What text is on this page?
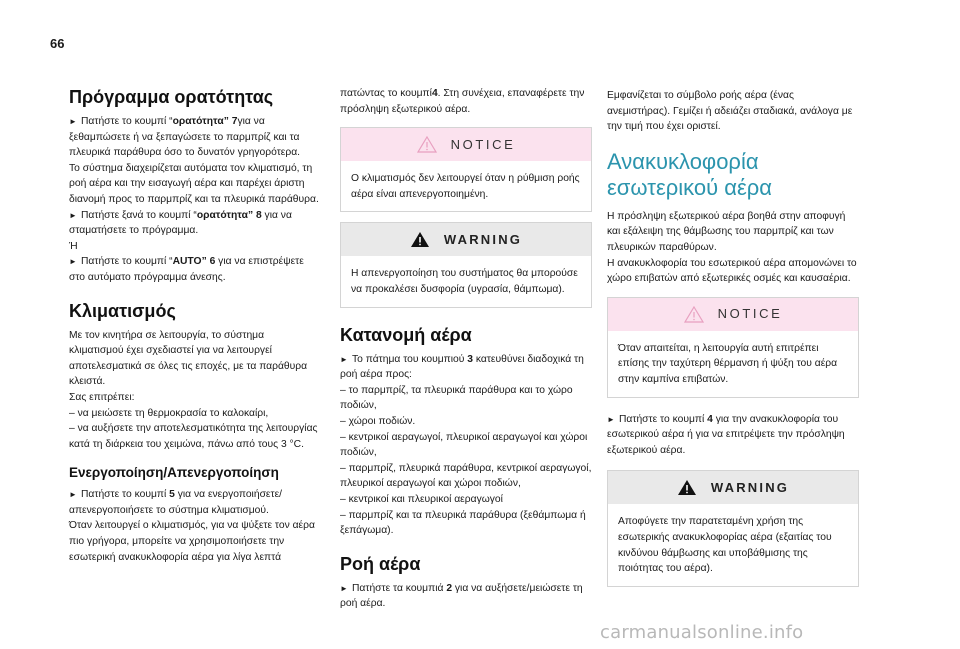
66
Πρόγραμμα ορατότητας

► Πατήστε το κουμπί “ορατότητα” 7για να ξεθαμπώσετε ή να ξεπαγώσετε το παρμπρίζ και τα πλευρικά παράθυρα όσο το δυνατόν γρηγορότερα.

Το σύστημα διαχειρίζεται αυτόματα τον κλιματισμό, τη ροή αέρα και την εισαγωγή αέρα και παρέχει άριστη διανομή προς το παρμπρίζ και τα πλευρικά παράθυρα.

► Πατήστε ξανά το κουμπί “ορατότητα” 8 για να σταματήσετε το πρόγραμμα.

Ή

► Πατήστε το κουμπί “AUTO” 6 για να επιστρέψετε στο αυτόματο πρόγραμμα άνεσης.

Κλιματισμός

Με τον κινητήρα σε λειτουργία, το σύστημα κλιματισμού έχει σχεδιαστεί για να λειτουργεί αποτελεσματικά σε όλες τις εποχές, με τα παράθυρα κλειστά.

Σας επιτρέπει:

– να μειώσετε τη θερμοκρασία το καλοκαίρι,

– να αυξήσετε την αποτελεσματικότητα της λειτουργίας κατά τη διάρκεια του χειμώνα, πάνω από τους 3 °C.

Ενεργοποίηση/Απενεργοποίηση

► Πατήστε το κουμπί 5 για να ενεργοποιήσετε/απενεργοποιήσετε το σύστημα κλιματισμού.

Όταν λειτουργεί ο κλιματισμός, για να ψύξετε τον αέρα πιο γρήγορα, μπορείτε να χρησιμοποιήσετε την εσωτερική ανακυκλοφορία αέρα για λίγα λεπτά

πατώντας το κουμπί4. Στη συνέχεια, επαναφέρετε την πρόσληψη εξωτερικού αέρα.

NOTICE
Ο κλιματισμός δεν λειτουργεί όταν η ρύθμιση ροής αέρα είναι απενεργοποιημένη.
WARNING
Η απενεργοποίηση του συστήματος θα μπορούσε να προκαλέσει δυσφορία (υγρασία, θάμπωμα).
Κατανομή αέρα

► Το πάτημα του κουμπιού 3 κατευθύνει διαδοχικά τη ροή αέρα προς:

– το παρμπρίζ, τα πλευρικά παράθυρα και το χώρο ποδιών,

– χώροι ποδιών.

– κεντρικοί αεραγωγοί, πλευρικοί αεραγωγοί και χώροι ποδιών,

– παρμπρίζ, πλευρικά παράθυρα, κεντρικοί αεραγωγοί, πλευρικοί αεραγωγοί και χώροι ποδιών,

– κεντρικοί και πλευρικοί αεραγωγοί

– παρμπρίζ και τα πλευρικά παράθυρα (ξεθάμπωμα ή ξεπάγωμα).

Ροή αέρα

► Πατήστε τα κουμπιά 2 για να αυξήσετε/μειώσετε τη ροή αέρα.

Εμφανίζεται το σύμβολο ροής αέρα (ένας ανεμιστήρας). Γεμίζει ή αδειάζει σταδιακά, ανάλογα με την τιμή που έχει οριστεί.

Ανακυκλοφορία εσωτερικού αέρα

Η πρόσληψη εξωτερικού αέρα βοηθά στην αποφυγή και εξάλειψη της θάμβωσης του παρμπρίζ και των πλευρικών παραθύρων.

Η ανακυκλοφορία του εσωτερικού αέρα απομονώνει το χώρο επιβατών από εξωτερικές οσμές και καυσαέρια.

NOTICE
Όταν απαιτείται, η λειτουργία αυτή επιτρέπει επίσης την ταχύτερη θέρμανση ή ψύξη του αέρα στην καμπίνα επιβατών.

► Πατήστε το κουμπί 4 για την ανακυκλοφορία του εσωτερικού αέρα ή για να επιτρέψετε την πρόσληψη εξωτερικού αέρα.

WARNING
Αποφύγετε την παρατεταμένη χρήση της εσωτερικής ανακυκλοφορίας αέρα (εξαιτίας του κινδύνου θάμβωσης και υποβάθμισης της ποιότητας του αέρα).
carmanualsonline.info
